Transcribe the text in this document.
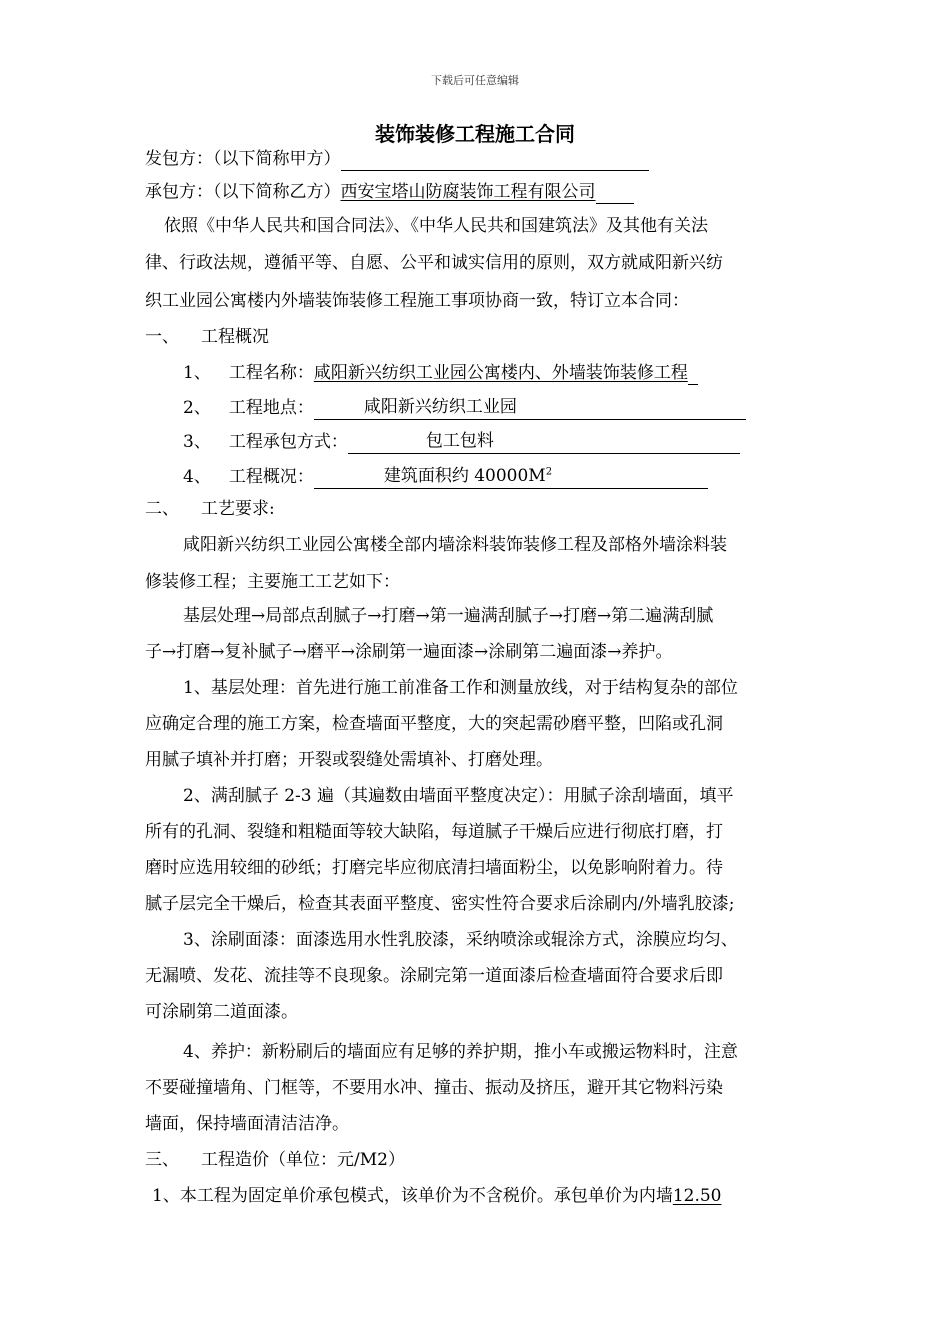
下载后可任意编辑
装饰装修工程施工合同
发包方：（以下简称甲方）
承包方：（以下简称乙方）西安宝塔山防腐装饰工程有限公司
依照《中华人民共和国合同法》、《中华人民共和国建筑法》及其他有关法
律、行政法规，遵循平等、自愿、公平和诚实信用的原则，双方就咸阳新兴纺
织工业园公寓楼内外墙装饰装修工程施工事项协商一致，特订立本合同：
一、 工程概况
1、 工程名称：咸阳新兴纺织工业园公寓楼内、外墙装饰装修工程
2、 工程地点：	咸阳新兴纺织工业园
3、 工程承包方式：	包工包料
4、 工程概况：	建筑面积约 $40000M^2$
二、 工艺要求:
咸阳新兴纺织工业园公寓楼全部内墙涂料装饰装修工程及部格外墙涂料装
修装修工程；主要施工工艺如下：
基层处理→局部点刮腻子→打磨→第一遍满刮腻子→打磨→第二遍满刮腻
子→打磨→复补腻子→磨平→涂刷第一遍面漆→涂刷第二遍面漆→养护。
1、基层处理：首先进行施工前准备工作和测量放线，对于结构复杂的部位
应确定合理的施工方案，检查墙面平整度，大的突起需砂磨平整，凹陷或孔洞
用腻子填补并打磨；开裂或裂缝处需填补、打磨处理。
2、满刮腻子 2-3 遍（其遍数由墙面平整度决定）：用腻子涂刮墙面，填平
所有的孔洞、裂缝和粗糙面等较大缺陷，每道腻子干燥后应进行彻底打磨，打
磨时应选用较细的砂纸；打磨完毕应彻底清扫墙面粉尘，以免影响附着力。待
腻子层完全干燥后，检查其表面平整度、密实性符合要求后涂刷内/外墙乳胶漆;
3、涂刷面漆：面漆选用水性乳胶漆，采纳喷涂或辊涂方式，涂膜应均匀、
无漏喷、发花、流挂等不良现象。涂刷完第一道面漆后检查墙面符合要求后即
可涂刷第二道面漆。
4、养护：新粉刷后的墙面应有足够的养护期，推小车或搬运物料时，注意
不要碰撞墙角、门框等，不要用水冲、撞击、振动及挤压，避开其它物料污染
墙面，保持墙面清洁洁净。
三、 工程造价（单位：元/M2）
1、本工程为固定单价承包模式，该单价为不含税价。承包单价为内墙12.50
